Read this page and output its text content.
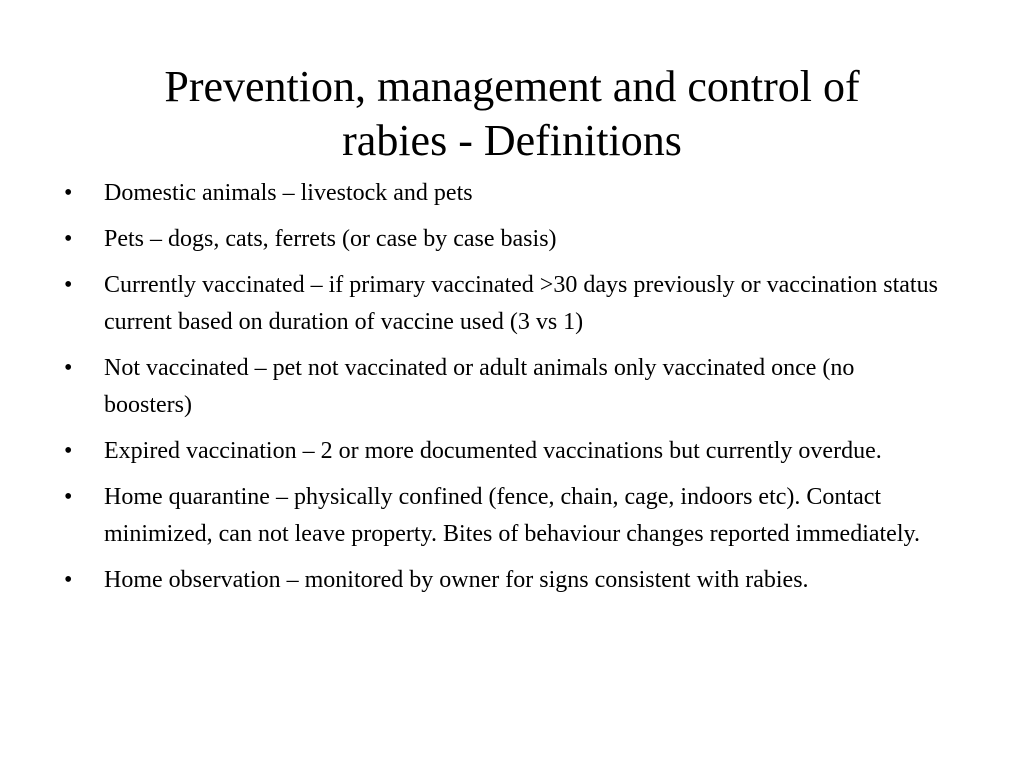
Prevention, management and control of
rabies - Definitions
• Domestic animals – livestock and pets
• Pets – dogs, cats, ferrets (or case by case basis)
• Currently vaccinated – if primary vaccinated >30 days previously or vaccination status current based on duration of vaccine used (3 vs 1)
• Not vaccinated – pet not vaccinated or adult animals only vaccinated once (no boosters)
• Expired vaccination – 2 or more documented vaccinations but currently overdue.
• Home quarantine – physically confined (fence, chain, cage, indoors etc). Contact minimized, can not leave property. Bites of behaviour changes reported immediately.
• Home observation – monitored by owner for signs consistent with rabies.
